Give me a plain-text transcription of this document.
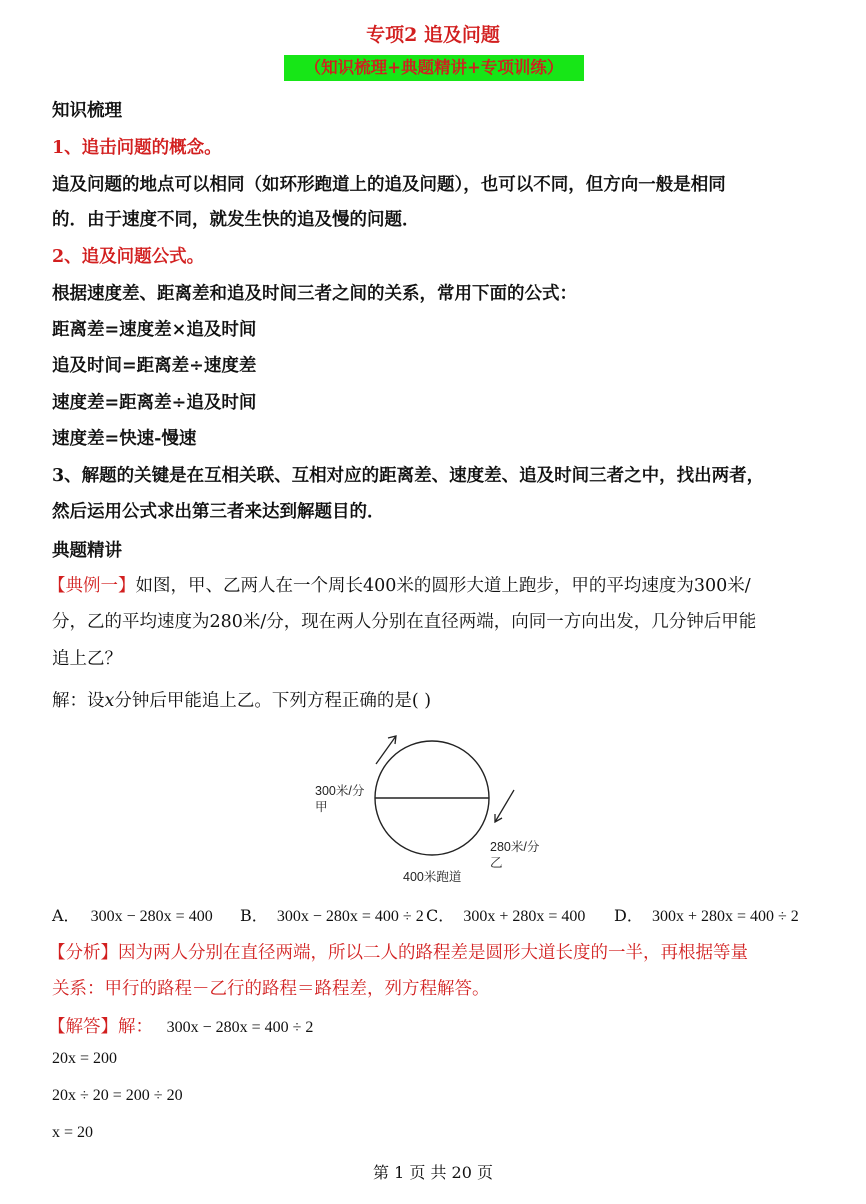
专项2 追及问题
（知识梳理+典题精讲+专项训练）
知识梳理
1、追击问题的概念。
追及问题的地点可以相同（如环形跑道上的追及问题），也可以不同，但方向一般是相同
的．由于速度不同，就发生快的追及慢的问题．
2、追及问题公式。
根据速度差、距离差和追及时间三者之间的关系，常用下面的公式：
距离差=速度差×追及时间
追及时间=距离差÷速度差
速度差=距离差÷追及时间
速度差=快速-慢速
3、解题的关键是在互相关联、互相对应的距离差、速度差、追及时间三者之中，找出两者，
然后运用公式求出第三者来达到解题目的．
典题精讲
【典例一】如图，甲、乙两人在一个周长400米的圆形大道上跑步，甲的平均速度为300米/
分，乙的平均速度为280米/分，现在两人分别在直径两端，向同一方向出发，几分钟后甲能
追上乙？
解：设x分钟后甲能追上乙。下列方程正确的是( )
300米/分
甲
280米/分
乙
400米跑道
A． 300x − 280x = 400 B． 300x − 280x = 400 ÷ 2 C． 300x + 280x = 400 D． 300x + 280x = 400 ÷ 2
【分析】因为两人分别在直径两端，所以二人的路程差是圆形大道长度的一半，再根据等量
关系：甲行的路程－乙行的路程＝路程差，列方程解答。
【解答】解： 300x − 280x = 400 ÷ 2
20x = 200
20x ÷ 20 = 200 ÷ 20
x = 20
第 1 页 共 20 页
